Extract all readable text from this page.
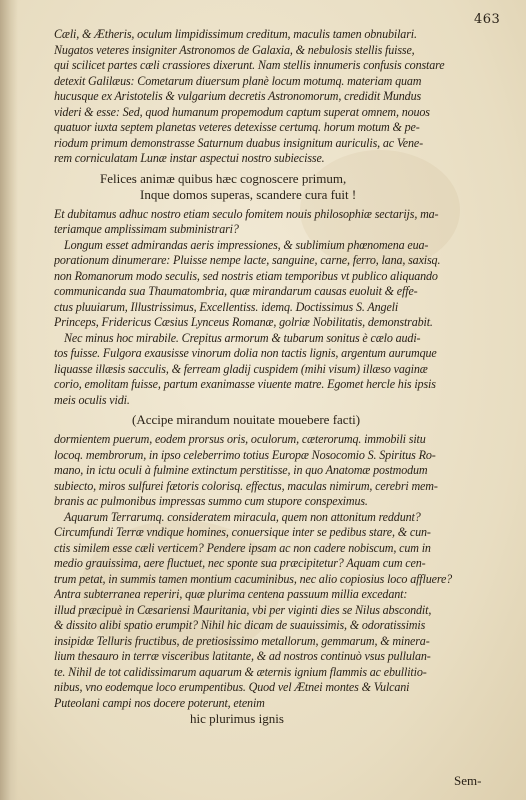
463
Cæli, & Ætheris, oculum limpidissimum creditum, maculis tamen obnubilari.
Nugatos veteres insigniter Astronomos de Galaxia, & nebulosis stellis fuisse,
qui scilicet partes cæli crassiores dixerunt. Nam stellis innumeris confusis constare
detexit Galilæus: Cometarum diuersum planè locum motumq. materiam quam
hucusque ex Aristotelis & vulgarium decretis Astronomorum, credidit Mundus
videri & esse: Sed, quod humanum propemodum captum superat omnem, nouos
quatuor iuxta septem planetas veteres detexisse certumq. horum motum & pe-
riodum primum demonstrasse Saturnum duabus insignitum auriculis, ac Vene-
rem corniculatam Lunæ instar aspectui nostro subiecisse.
Felices animæ quibus hæc cognoscere primum,
Inque domos superas, scandere cura fuit !
Et dubitamus adhuc nostro etiam seculo fomitem nouis philosophiæ sectarijs, ma-
teriamque amplissimam subministrari?
Longum esset admirandas aeris impressiones, & sublimium phœnomena eua-
porationum dinumerare: Pluisse nempe lacte, sanguine, carne, ferro, lana, saxisq.
non Romanorum modo seculis, sed nostris etiam temporibus vt publico aliquando
communicanda sua Thaumatombria, quæ mirandarum causas euoluit & effe-
ctus pluuiarum, Illustrissimus, Excellentiss. idemq. Doctissimus S. Angeli
Princeps, Fridericus Cæsius Lynceus Romanæ, golriæ Nobilitatis, demonstrabit.
Nec minus hoc mirabile. Crepitus armorum & tubarum sonitus è cælo audi-
tos fuisse. Fulgora exausisse vinorum dolia non tactis lignis, argentum aurumque
liquasse illæsis sacculis, & ferream gladij cuspidem (mihi visum) illæso vaginæ
corio, emolitam fuisse, partum exanimasse viuente matre. Egomet hercle his ipsis
meis oculis vidi.
(Accipe mirandum nouitate mouebere facti)
dormientem puerum, eodem prorsus oris, oculorum, cæterorumq. immobili situ
locoq. membrorum, in ipso celeberrimo totius Europæ Nosocomio S. Spiritus Ro-
mano, in ictu oculi à fulmine extinctum perstitisse, in quo Anatomæ postmodum
subiecto, miros sulfurei fætoris colorisq. effectus, maculas nimirum, cerebri mem-
branis ac pulmonibus impressas summo cum stupore conspeximus.
Aquarum Terrarumq. consideratem miracula, quem non attonitum reddunt?
Circumfundi Terræ vndique homines, conuersique inter se pedibus stare, & cun-
ctis similem esse cæli verticem? Pendere ipsam ac non cadere nobiscum, cum in
medio grauissima, aere fluctuet, nec sponte sua præcipitetur? Aquam cum cen-
trum petat, in summis tamen montium cacuminibus, nec alio copiosius loco affluere?
Antra subterranea reperiri, quæ plurima centena passuum millia excedant:
illud præcipuè in Cæsariensi Mauritania, vbi per viginti dies se Nilus abscondit,
& dissito alibi spatio erumpit? Nihil hic dicam de suauissimis, & odoratissimis
insipidæ Telluris fructibus, de pretiosissimo metallorum, gemmarum, & minera-
lium thesauro in terræ visceribus latitante, & ad nostros continuò vsus pullulan-
te. Nihil de tot calidissimarum aquarum & æternis ignium flammis ac ebullitio-
nibus, vno eodemque loco erumpentibus. Quod vel Ætnei montes & Vulcani
Puteolani campi nos docere poterunt, etenim
hic plurimus ignis
Sem-
